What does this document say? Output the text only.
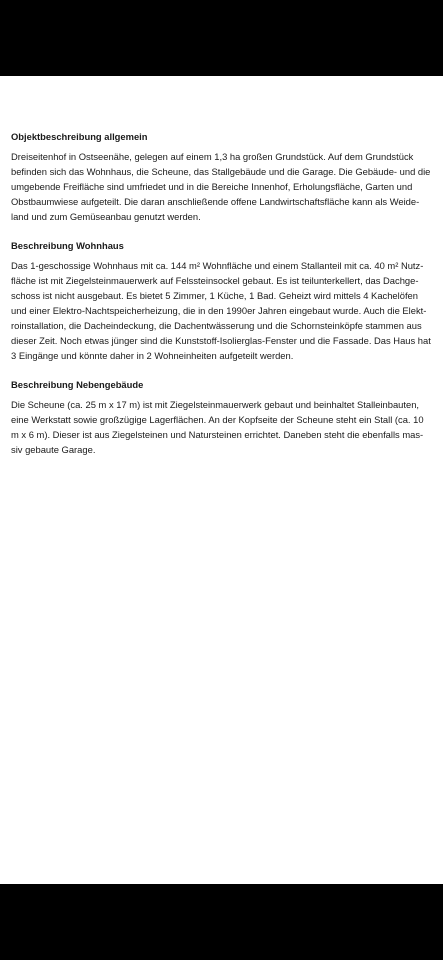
Objektbeschreibung allgemein

Dreiseitenhof in Ostseenähe, gelegen auf einem 1,3 ha großen Grundstück. Auf dem Grundstück
befinden sich das Wohnhaus, die Scheune, das Stallgebäude und die Garage. Die Gebäude- und die
umgebende Freifläche sind umfriedet und in die Bereiche Innenhof, Erholungsfläche, Garten und
Obstbaumwiese aufgeteilt. Die daran anschließende offene Landwirtschaftsfläche kann als Weide-
land und zum Gemüseanbau genutzt werden.

Beschreibung Wohnhaus

Das 1-geschossige Wohnhaus mit ca. 144 m² Wohnfläche und einem Stallanteil mit ca. 40 m² Nutz-
fläche ist mit Ziegelsteinmauerwerk auf Felssteinsockel gebaut. Es ist teilunterkellert, das Dachge-
schoss ist nicht ausgebaut. Es bietet 5 Zimmer, 1 Küche, 1 Bad. Geheizt wird mittels 4 Kachelöfen
und einer Elektro-Nachtspeicherheizung, die in den 1990er Jahren eingebaut wurde. Auch die Elekt-
roinstallation, die Dacheindeckung, die Dachentwässerung und die Schornsteinköpfe stammen aus
dieser Zeit. Noch etwas jünger sind die Kunststoff-Isolierglas-Fenster und die Fassade. Das Haus hat
3 Eingänge und könnte daher in 2 Wohneinheiten aufgeteilt werden.

Beschreibung Nebengebäude

Die Scheune (ca. 25 m x 17 m) ist mit Ziegelsteinmauerwerk gebaut und beinhaltet Stalleinbauten,
eine Werkstatt sowie großzügige Lagerflächen. An der Kopfseite der Scheune steht ein Stall (ca. 10
m x 6 m). Dieser ist aus Ziegelsteinen und Natursteinen errichtet. Daneben steht die ebenfalls mas-
siv gebaute Garage.
